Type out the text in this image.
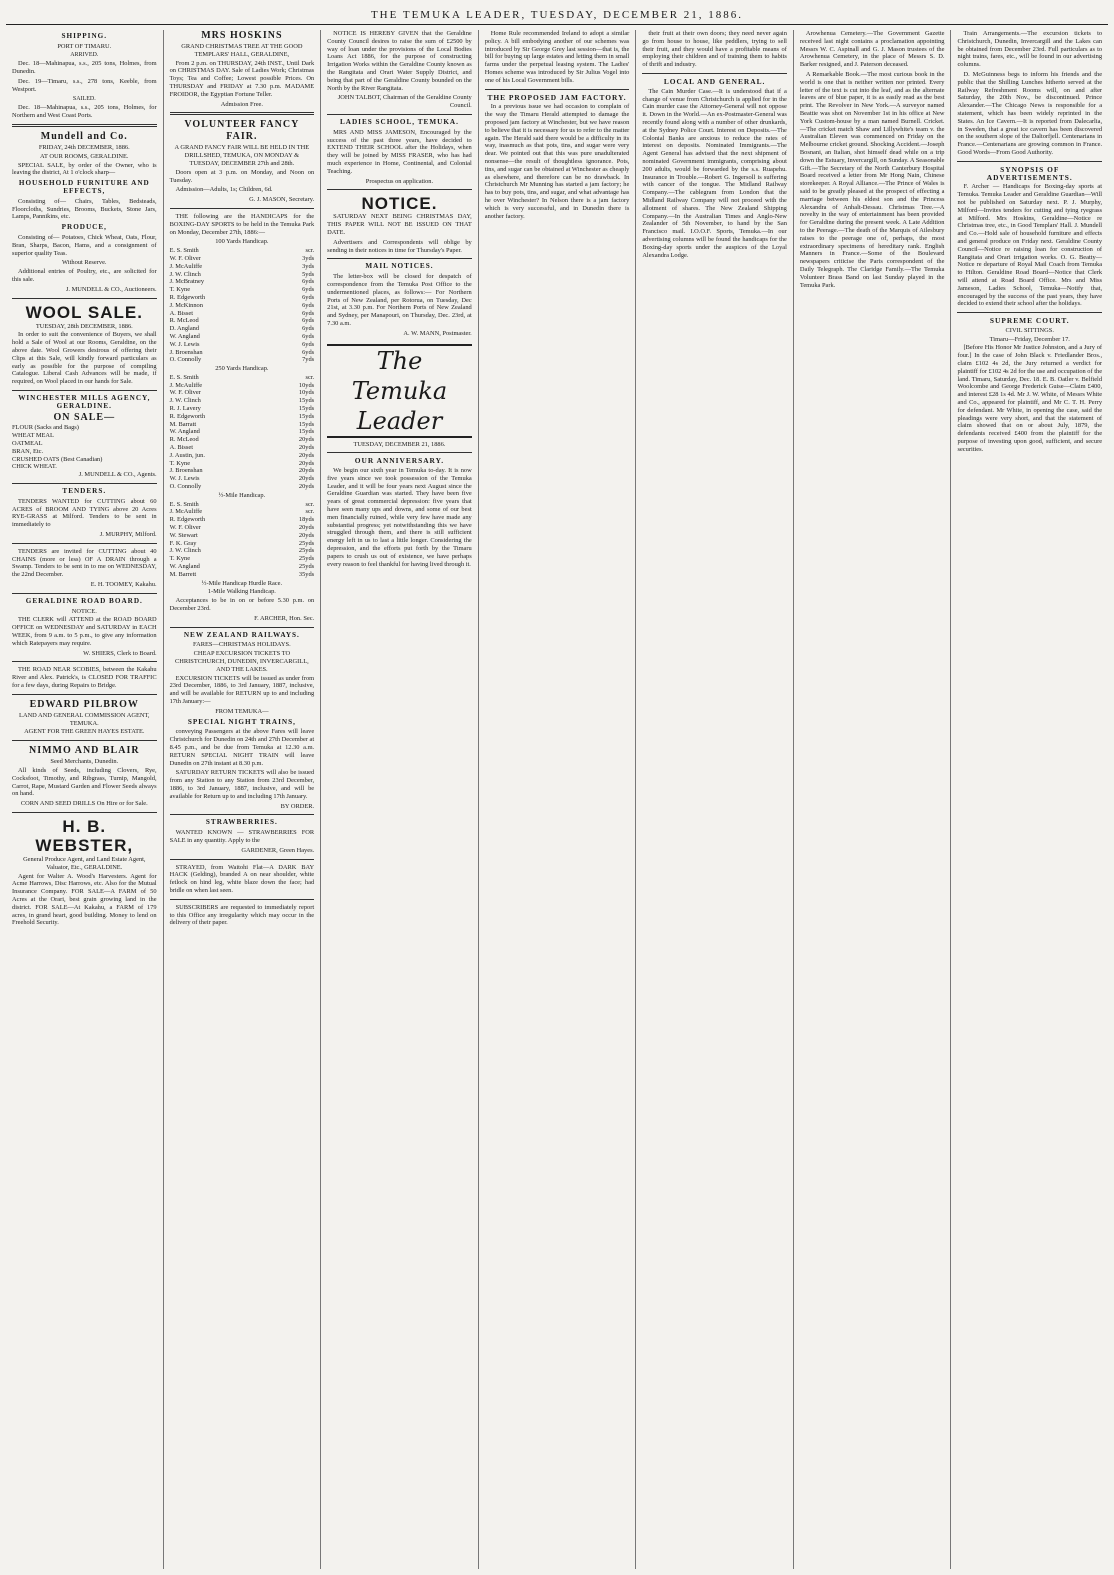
THE TEMUKA LEADER, TUESDAY, DECEMBER 21, 1886.
SHIPPING.
PORT OF TIMARU.
ARRIVED.

Dec. 18—Mahinapua, s.s., 205 tons, Holmes, from Dunedin.

Dec. 19—Timaru, s.s., 278 tons, Keeble, from Westport.

SAILED.

Dec. 18—Mahinapua, s.s., 205 tons, Holmes, for Northern and West Coast Ports.

Mundell and Co.
FRIDAY, 24th DECEMBER, 1886.
AT OUR ROOMS, GERALDINE.

SPECIAL SALE, by order of the Owner, who is leaving the district, At 1 o'clock sharp—

HOUSEHOLD FURNITURE AND EFFECTS,

Consisting of— Chairs, Tables, Bedsteads, Floorcloths, Sundries, Brooms, Buckets, Stone Jars, Lamps, Pannikins, etc.

PRODUCE,

Consisting of— Potatoes, Chick Wheat, Oats, Flour, Bran, Sharps, Bacon, Hams, and a consignment of superior quality Teas.

Without Reserve.

Additional entries of Poultry, etc., are solicited for this sale.

J. MUNDELL & CO., Auctioneers.
WOOL SALE.
TUESDAY, 28th DECEMBER, 1886.

In order to suit the convenience of Buyers, we shall hold a Sale of Wool at our Rooms, Geraldine, on the above date. Wool Growers desirous of offering their Clips at this Sale, will kindly forward particulars as early as possible for the purpose of compiling Catalogue. Liberal Cash Advances will be made, if required, on Wool placed in our hands for Sale.

WINCHESTER MILLS AGENCY, GERALDINE.
ON SALE—
FLOUR (Sacks and Bags)
WHEAT MEAL
OATMEAL
BRAN, Etc.
CRUSHED OATS (Best Canadian)
CHICK WHEAT.
J. MUNDELL & CO., Agents.
TENDERS.

TENDERS WANTED for CUTTING about 60 ACRES of BROOM AND TYING above 20 Acres RYE-GRASS at Milford. Tenders to be sent in immediately to

J. MURPHY, Milford.

TENDERS are invited for CUTTING about 40 CHAINS (more or less) OF A DRAIN through a Swamp. Tenders to be sent in to me on WEDNESDAY, the 22nd December.

E. H. TOOMEY, Kakahu.
GERALDINE ROAD BOARD.
NOTICE.

THE CLERK will ATTEND at the ROAD BOARD OFFICE on WEDNESDAY and SATURDAY in EACH WEEK, from 9 a.m. to 5 p.m., to give any information which Ratepayers may require.

W. SHIERS, Clerk to Board.

THE ROAD NEAR SCOBIES, between the Kakahu River and Alex. Patrick's, is CLOSED FOR TRAFFIC for a few days, during Repairs to Bridge.

EDWARD PILBROW
LAND AND GENERAL COMMISSION AGENT, TEMUKA.
AGENT FOR THE GREEN HAYES ESTATE.
NIMMO AND BLAIR
Seed Merchants, Dunedin.

All kinds of Seeds, including Clovers, Rye, Cocksfoot, Timothy, and Ribgrass, Turnip, Mangold, Carrot, Rape, Mustard Garden and Flower Seeds always on hand.

CORN AND SEED DRILLS On Hire or for Sale.
H. B. WEBSTER,
General Produce Agent, and Land Estate Agent, Valuator, Etc., GERALDINE.

Agent for Walter A. Wood's Harvesters. Agent for Acme Harrows, Disc Harrows, etc. Also for the Mutual Insurance Company. FOR SALE—A FARM of 50 Acres at the Orari, best grain growing land in the district. FOR SALE—At Kakahu, a FARM of 179 acres, in grand heart, good building. Money to lend on Freehold Security.

MRS HOSKINS
GRAND CHRISTMAS TREE AT THE GOOD TEMPLARS' HALL, GERALDINE,

From 2 p.m. on THURSDAY, 24th INST., Until Dark on CHRISTMAS DAY. Sale of Ladies Work; Christmas Toys; Tea and Coffee; Lowest possible Prices. On THURSDAY and FRIDAY at 7.30 p.m. MADAME FROIDOR, the Egyptian Fortune Teller.

Admission Free.
VOLUNTEER FANCY FAIR.
A GRAND FANCY FAIR WILL BE HELD IN THE DRILLSHED, TEMUKA, ON MONDAY & TUESDAY, DECEMBER 27th and 28th.

Doors open at 3 p.m. on Monday, and Noon on Tuesday.

Admission—Adults, 1s; Children, 6d.

G. J. MASON, Secretary.

THE following are the HANDICAPS for the BOXING-DAY SPORTS to be held in the Temuka Park on Monday, December 27th, 1886:—

100 Yards Handicap.
E. S. Smith	scr.
W. F. Oliver	3yds
J. McAuliffe	3yds
J. W. Clinch	5yds
J. McBratney	6yds
T. Kyne	6yds
R. Edgeworth	6yds
J. McKinnon	6yds
A. Bisset	6yds
R. McLeod	6yds
D. Angland	6yds
W. Angland	6yds
W. J. Lewis	6yds
J. Broenshan	6yds
O. Connolly	7yds
250 Yards Handicap.
E. S. Smith	scr.
J. McAuliffe	10yds
W. F. Oliver	10yds
J. W. Clinch	15yds
R. J. Lavery	15yds
R. Edgeworth	15yds
M. Barratt	15yds
W. Angland	15yds
R. McLeod	20yds
A. Bisset	20yds
J. Austin, jun.	20yds
T. Kyne	20yds
J. Broenshan	20yds
W. J. Lewis	20yds
O. Connolly	20yds
½-Mile Handicap.
E. S. Smith	scr.
J. McAuliffe	scr.
R. Edgeworth	18yds
W. F. Oliver	20yds
W. Stewart	20yds
F. K. Gray	25yds
J. W. Clinch	25yds
T. Kyne	25yds
W. Angland	25yds
M. Barrett	35yds
½-Mile Handicap Hurdle Race.
1-Mile Walking Handicap.

Acceptances to be in on or before 5.30 p.m. on December 23rd.

F. ARCHER, Hon. Sec.
NEW ZEALAND RAILWAYS.
FARES—CHRISTMAS HOLIDAYS.
CHEAP EXCURSION TICKETS TO CHRISTCHURCH, DUNEDIN, INVERCARGILL, AND THE LAKES.

EXCURSION TICKETS will be issued as under from 23rd December, 1886, to 3rd January, 1887, inclusive, and will be available for RETURN up to and including 17th January:—

FROM TEMUKA—
SPECIAL NIGHT TRAINS,

conveying Passengers at the above Fares will leave Christchurch for Dunedin on 24th and 27th December at 8.45 p.m., and be due from Temuka at 12.30 a.m. RETURN SPECIAL NIGHT TRAIN will leave Dunedin on 27th instant at 8.30 p.m.

SATURDAY RETURN TICKETS will also be issued from any Station to any Station from 23rd December, 1886, to 3rd January, 1887, inclusive, and will be available for Return up to and including 17th January.

BY ORDER.
STRAWBERRIES.

WANTED KNOWN — STRAWBERRIES FOR SALE in any quantity. Apply to the

GARDENER, Green Hayes.

STRAYED, from Waitohi Flat—A DARK BAY HACK (Gelding), branded A on near shoulder, white fetlock on hind leg, white blaze down the face; had bridle on when last seen.

SUBSCRIBERS are requested to immediately report to this Office any irregularity which may occur in the delivery of their paper.

NOTICE IS HEREBY GIVEN that the Geraldine County Council desires to raise the sum of £2500 by way of loan under the provisions of the Local Bodies Loans Act 1886, for the purpose of constructing Irrigation Works within the Geraldine County known as the Rangitata and Orari Water Supply District, and being that part of the Geraldine County bounded on the North by the River Rangitata.

JOHN TALBOT, Chairman of the Geraldine County Council.
LADIES SCHOOL, TEMUKA.

MRS AND MISS JAMESON, Encouraged by the success of the past three years, have decided to EXTEND THEIR SCHOOL after the Holidays, when they will be joined by MISS FRASER, who has had much experience in Home, Continental, and Colonial Teaching.

Prospectus on application.
NOTICE.

SATURDAY NEXT BEING CHRISTMAS DAY, THIS PAPER WILL NOT BE ISSUED ON THAT DATE.

Advertisers and Correspondents will oblige by sending in their notices in time for Thursday's Paper.

MAIL NOTICES.

The letter-box will be closed for despatch of correspondence from the Temuka Post Office to the undermentioned places, as follows:— For Northern Ports of New Zealand, per Rotorua, on Tuesday, Dec 21st, at 3.30 p.m. For Northern Ports of New Zealand and Sydney, per Manapouri, on Thursday, Dec. 23rd, at 7.30 a.m.

A. W. MANN, Postmaster.
The Temuka Leader
TUESDAY, DECEMBER 21, 1886.
OUR ANNIVERSARY.

We begin our sixth year in Temuka to-day. It is now five years since we took possession of the Temuka Leader, and it will be four years next August since the Geraldine Guardian was started. They have been five years of great commercial depression: five years that have seen many ups and downs, and some of our best men financially ruined, while very few have made any substantial progress; yet notwithstanding this we have struggled through them, and there is still sufficient energy left in us to last a little longer. Considering the depression, and the efforts put forth by the Timaru papers to crush us out of existence, we have perhaps every reason to feel thankful for having lived through it.

Home Rule recommended Ireland to adopt a similar policy. A bill embodying another of our schemes was introduced by Sir George Grey last session—that is, the bill for buying up large estates and letting them in small farms under the perpetual leasing system. The Ladies' Homes scheme was introduced by Sir Julius Vogel into one of his Local Government bills.

THE PROPOSED JAM FACTORY.

In a previous issue we had occasion to complain of the way the Timaru Herald attempted to damage the proposed jam factory at Winchester, but we have reason to believe that it is necessary for us to refer to the matter again. The Herald said there would be a difficulty in its way, inasmuch as that pots, tins, and sugar were very dear. We pointed out that this was pure unadulterated nonsense—the result of thoughtless ignorance. Pots, tins, and sugar can be obtained at Winchester as cheaply as elsewhere, and therefore can be no drawback. In Christchurch Mr Munning has started a jam factory; he has to buy pots, tins, and sugar, and what advantage has he over Winchester? In Nelson there is a jam factory which is very successful, and in Dunedin there is another factory.

their fruit at their own doors; they need never again go from house to house, like peddlers, trying to sell their fruit, and they would have a profitable means of employing their children and of training them to habits of thrift and industry.

LOCAL AND GENERAL.

The Cain Murder Case.—It is understood that if a change of venue from Christchurch is applied for in the Cain murder case the Attorney-General will not oppose it. Down in the World.—An ex-Postmaster-General was recently found along with a number of other drunkards, at the Sydney Police Court. Interest on Deposits.—The Colonial Banks are anxious to reduce the rates of interest on deposits. Nominated Immigrants.—The Agent General has advised that the next shipment of nominated Government immigrants, comprising about 200 adults, would be forwarded by the s.s. Ruapehu. Insurance in Trouble.—Robert G. Ingersoll is suffering with cancer of the tongue. The Midland Railway Company.—The cablegram from London that the Midland Railway Company will not proceed with the allotment of shares. The New Zealand Shipping Company.—In the Australian Times and Anglo-New Zealander of 5th November, to hand by the San Francisco mail. I.O.O.F. Sports, Temuka.—In our advertising columns will be found the handicaps for the Boxing-day sports under the auspices of the Loyal Alexandra Lodge.

Arowhenua Cemetery.—The Government Gazette received last night contains a proclamation appointing Messrs W. C. Aspinall and G. J. Mason trustees of the Arowhenua Cemetery, in the place of Messrs S. D. Barker resigned, and J. Paterson deceased.

A Remarkable Book.—The most curious book in the world is one that is neither written nor printed. Every letter of the text is cut into the leaf, and as the alternate leaves are of blue paper, it is as easily read as the best print. The Revolver in New York.—A surveyor named Beattie was shot on November 1st in his office at New York Custom-house by a man named Burnell. Cricket.—The cricket match Shaw and Lillywhite's team v. the Australian Eleven was commenced on Friday on the Melbourne cricket ground. Shocking Accident.—Joseph Bosnani, an Italian, shot himself dead while on a trip down the Estuary, Invercargill, on Sunday. A Seasonable Gift.—The Secretary of the North Canterbury Hospital Board received a letter from Mr Hong Nain, Chinese storekeeper. A Royal Alliance.—The Prince of Wales is said to be greatly pleased at the prospect of effecting a marriage between his eldest son and the Princess Alexandra of Anhalt-Dessau. Christmas Tree.—A novelty in the way of entertainment has been provided for Geraldine during the present week. A Late Addition to the Peerage.—The death of the Marquis of Ailesbury raises to the peerage one of, perhaps, the most extraordinary specimens of hereditary rank. English Manners in France.—Some of the Boulevard newspapers criticise the Paris correspondent of the Daily Telegraph. The Claridge Family.—The Temuka Volunteer Brass Band on last Sunday played in the Temuka Park.

Train Arrangements.—The excursion tickets to Christchurch, Dunedin, Invercargill and the Lakes can be obtained from December 23rd. Full particulars as to night trains, fares, etc., will be found in our advertising columns.

D. McGuinness begs to inform his friends and the public that the Shilling Lunches hitherto served at the Railway Refreshment Rooms will, on and after Saturday, the 20th Nov., be discontinued. Prince Alexander.—The Chicago News is responsible for a statement, which has been widely reprinted in the States. An Ice Cavern.—It is reported from Dalecarlia, in Sweden, that a great ice cavern has been discovered on the southern slope of the Daltorfjell. Centenarians in France.—Centenarians are growing common in France. Good Words—From Good Authority.

SYNOPSIS OF ADVERTISEMENTS.

F. Archer — Handicaps for Boxing-day sports at Temuka. Temuka Leader and Geraldine Guardian—Will not be published on Saturday next. P. J. Murphy, Milford—Invites tenders for cutting and tying ryegrass at Milford. Mrs Hoskins, Geraldine—Notice re Christmas tree, etc., in Good Templars' Hall. J. Mundell and Co.—Hold sale of household furniture and effects and general produce on Friday next. Geraldine County Council—Notice re raising loan for construction of Rangitata and Orari irrigation works. O. G. Beatty—Notice re departure of Royal Mail Coach from Temuka to Hilton. Geraldine Road Board—Notice that Clerk will attend at Road Board Office. Mrs and Miss Jameson, Ladies School, Temuka—Notify that, encouraged by the success of the past years, they have decided to extend their school after the holidays.

SUPREME COURT.
CIVIL SITTINGS.
Timaru—Friday, December 17.

[Before His Honor Mr Justice Johnston, and a Jury of four.] In the case of John Black v. Friedlander Bros., claim £102 4s 2d, the Jury returned a verdict for plaintiff for £102 4s 2d for the use and occupation of the land. Timaru, Saturday, Dec. 18. E. B. Oatler v. Belfield Woolcombe and George Frederick Guise—Claim £400, and interest £28 1s 4d. Mr J. W. White, of Messrs White and Co., appeared for plaintiff, and Mr C. T. H. Perry for defendant. Mr White, in opening the case, said the pleadings were very short, and that the statement of claim showed that on or about July, 1879, the defendants received £400 from the plaintiff for the purpose of investing upon good, sufficient, and secure securities.
